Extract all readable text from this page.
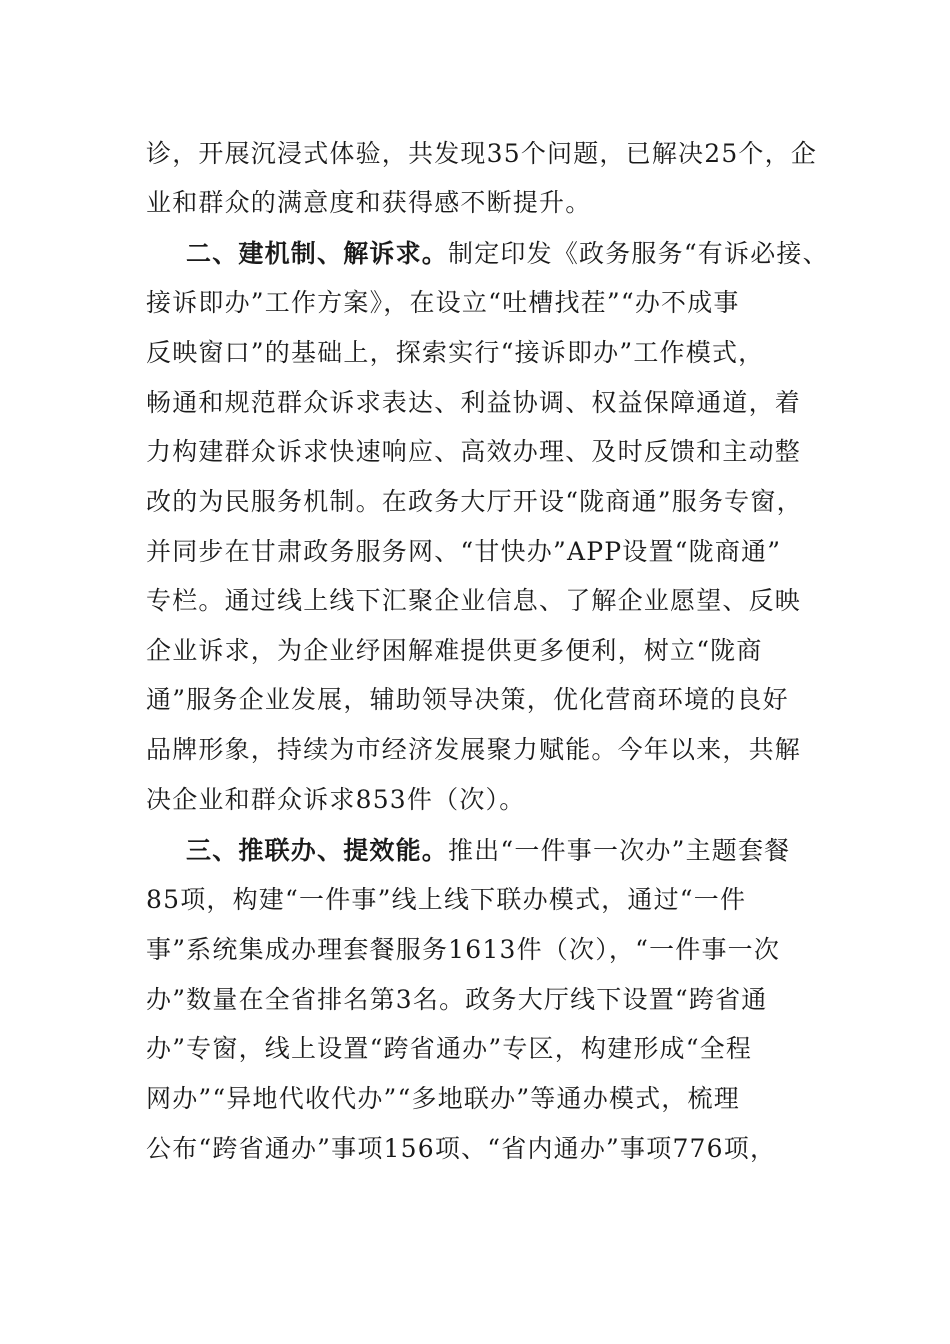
诊，开展沉浸式体验，共发现35个问题，已解决25个，企
业和群众的满意度和获得感不断提升。
二、建机制、解诉求。制定印发《政务服务“有诉必接、
接诉即办”工作方案》，在设立“吐槽找茬”“办不成事
反映窗口”的基础上，探索实行“接诉即办”工作模式，
畅通和规范群众诉求表达、利益协调、权益保障通道，着
力构建群众诉求快速响应、高效办理、及时反馈和主动整
改的为民服务机制。在政务大厅开设“陇商通”服务专窗，
并同步在甘肃政务服务网、“甘快办”APP设置“陇商通”
专栏。通过线上线下汇聚企业信息、了解企业愿望、反映
企业诉求，为企业纾困解难提供更多便利，树立“陇商
通”服务企业发展，辅助领导决策，优化营商环境的良好
品牌形象，持续为市经济发展聚力赋能。今年以来，共解
决企业和群众诉求853件（次）。
三、推联办、提效能。推出“一件事一次办”主题套餐
85项，构建“一件事”线上线下联办模式，通过“一件
事”系统集成办理套餐服务1613件（次），“一件事一次
办”数量在全省排名第3名。政务大厅线下设置“跨省通
办”专窗，线上设置“跨省通办”专区，构建形成“全程
网办”“异地代收代办”“多地联办”等通办模式，梳理
公布“跨省通办”事项156项、“省内通办”事项776项，
